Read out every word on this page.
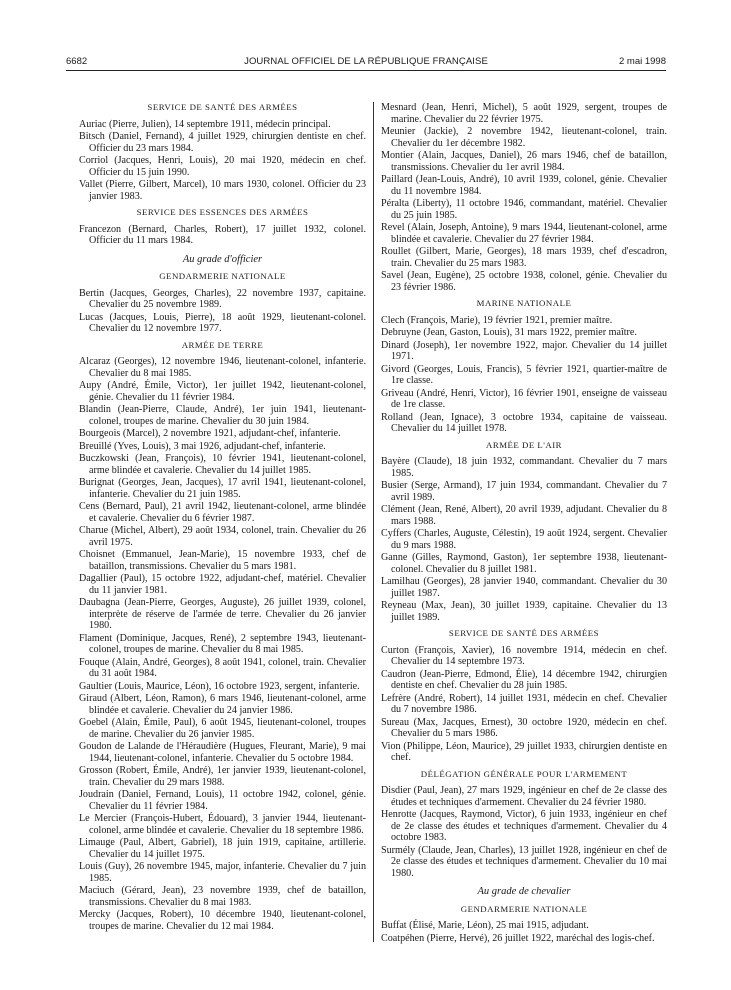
6682	JOURNAL OFFICIEL DE LA RÉPUBLIQUE FRANÇAISE	2 mai 1998
SERVICE DE SANTÉ DES ARMÉES
Auriac (Pierre, Julien), 14 septembre 1911, médecin principal.
Bitsch (Daniel, Fernand), 4 juillet 1929, chirurgien dentiste en chef. Officier du 23 mars 1984.
Corriol (Jacques, Henri, Louis), 20 mai 1920, médecin en chef. Officier du 15 juin 1990.
Vallet (Pierre, Gilbert, Marcel), 10 mars 1930, colonel. Officier du 23 janvier 1983.
SERVICE DES ESSENCES DES ARMÉES
Francezon (Bernard, Charles, Robert), 17 juillet 1932, colonel. Officier du 11 mars 1984.
Au grade d'officier
GENDARMERIE NATIONALE
Bertin (Jacques, Georges, Charles), 22 novembre 1937, capitaine. Chevalier du 25 novembre 1989.
Lucas (Jacques, Louis, Pierre), 18 août 1929, lieutenant-colonel. Chevalier du 12 novembre 1977.
ARMÉE DE TERRE
Alcaraz (Georges), 12 novembre 1946, lieutenant-colonel, infanterie. Chevalier du 8 mai 1985.
Aupy (André, Émile, Victor), 1er juillet 1942, lieutenant-colonel, génie. Chevalier du 11 février 1984.
Blandin (Jean-Pierre, Claude, André), 1er juin 1941, lieutenant-colonel, troupes de marine. Chevalier du 30 juin 1984.
Bourgeois (Marcel), 2 novembre 1921, adjudant-chef, infanterie.
Breuillé (Yves, Louis), 3 mai 1926, adjudant-chef, infanterie.
Buczkowski (Jean, François), 10 février 1941, lieutenant-colonel, arme blindée et cavalerie. Chevalier du 14 juillet 1985.
Burignat (Georges, Jean, Jacques), 17 avril 1941, lieutenant-colonel, infanterie. Chevalier du 21 juin 1985.
Cens (Bernard, Paul), 21 avril 1942, lieutenant-colonel, arme blindée et cavalerie. Chevalier du 6 février 1987.
Charue (Michel, Albert), 29 août 1934, colonel, train. Chevalier du 26 avril 1975.
Choisnet (Emmanuel, Jean-Marie), 15 novembre 1933, chef de bataillon, transmissions. Chevalier du 5 mars 1981.
Dagallier (Paul), 15 octobre 1922, adjudant-chef, matériel. Chevalier du 11 janvier 1981.
Daubagna (Jean-Pierre, Georges, Auguste), 26 juillet 1939, colonel, interprète de réserve de l'armée de terre. Chevalier du 26 janvier 1980.
Flament (Dominique, Jacques, René), 2 septembre 1943, lieutenant-colonel, troupes de marine. Chevalier du 8 mai 1985.
Fouque (Alain, André, Georges), 8 août 1941, colonel, train. Chevalier du 31 août 1984.
Gaultier (Louis, Maurice, Léon), 16 octobre 1923, sergent, infanterie.
Giraud (Albert, Léon, Ramon), 6 mars 1946, lieutenant-colonel, arme blindée et cavalerie. Chevalier du 24 janvier 1986.
Goebel (Alain, Émile, Paul), 6 août 1945, lieutenant-colonel, troupes de marine. Chevalier du 26 janvier 1985.
Goudon de Lalande de l'Héraudière (Hugues, Fleurant, Marie), 9 mai 1944, lieutenant-colonel, infanterie. Chevalier du 5 octobre 1984.
Grosson (Robert, Émile, André), 1er janvier 1939, lieutenant-colonel, train. Chevalier du 29 mars 1988.
Joudrain (Daniel, Fernand, Louis), 11 octobre 1942, colonel, génie. Chevalier du 11 février 1984.
Le Mercier (François-Hubert, Édouard), 3 janvier 1944, lieutenant-colonel, arme blindée et cavalerie. Chevalier du 18 septembre 1986.
Limauge (Paul, Albert, Gabriel), 18 juin 1919, capitaine, artillerie. Chevalier du 14 juillet 1975.
Louis (Guy), 26 novembre 1945, major, infanterie. Chevalier du 7 juin 1985.
Maciuch (Gérard, Jean), 23 novembre 1939, chef de bataillon, transmissions. Chevalier du 8 mai 1983.
Mercky (Jacques, Robert), 10 décembre 1940, lieutenant-colonel, troupes de marine. Chevalier du 12 mai 1984.
Mesnard (Jean, Henri, Michel), 5 août 1929, sergent, troupes de marine. Chevalier du 22 février 1975.
Meunier (Jackie), 2 novembre 1942, lieutenant-colonel, train. Chevalier du 1er décembre 1982.
Montier (Alain, Jacques, Daniel), 26 mars 1946, chef de bataillon, transmissions. Chevalier du 1er avril 1984.
Paillard (Jean-Louis, André), 10 avril 1939, colonel, génie. Chevalier du 11 novembre 1984.
Péralta (Liberty), 11 octobre 1946, commandant, matériel. Chevalier du 25 juin 1985.
Revel (Alain, Joseph, Antoine), 9 mars 1944, lieutenant-colonel, arme blindée et cavalerie. Chevalier du 27 février 1984.
Roullet (Gilbert, Marie, Georges), 18 mars 1939, chef d'escadron, train. Chevalier du 25 mars 1983.
Savel (Jean, Eugène), 25 octobre 1938, colonel, génie. Chevalier du 23 février 1986.
MARINE NATIONALE
Clech (François, Marie), 19 février 1921, premier maître.
Debruyne (Jean, Gaston, Louis), 31 mars 1922, premier maître.
Dinard (Joseph), 1er novembre 1922, major. Chevalier du 14 juillet 1971.
Givord (Georges, Louis, Francis), 5 février 1921, quartier-maître de 1re classe.
Griveau (André, Henri, Victor), 16 février 1901, enseigne de vaisseau de 1re classe.
Rolland (Jean, Ignace), 3 octobre 1934, capitaine de vaisseau. Chevalier du 14 juillet 1978.
ARMÉE DE L'AIR
Bayère (Claude), 18 juin 1932, commandant. Chevalier du 7 mars 1985.
Busier (Serge, Armand), 17 juin 1934, commandant. Chevalier du 7 avril 1989.
Clément (Jean, René, Albert), 20 avril 1939, adjudant. Chevalier du 8 mars 1988.
Cyffers (Charles, Auguste, Célestin), 19 août 1924, sergent. Chevalier du 9 mars 1988.
Ganne (Gilles, Raymond, Gaston), 1er septembre 1938, lieutenant-colonel. Chevalier du 8 juillet 1981.
Lamilhau (Georges), 28 janvier 1940, commandant. Chevalier du 30 juillet 1987.
Reyneau (Max, Jean), 30 juillet 1939, capitaine. Chevalier du 13 juillet 1989.
SERVICE DE SANTÉ DES ARMÉES
Curton (François, Xavier), 16 novembre 1914, médecin en chef. Chevalier du 14 septembre 1973.
Caudron (Jean-Pierre, Edmond, Élie), 14 décembre 1942, chirurgien dentiste en chef. Chevalier du 28 juin 1985.
Lefrère (André, Robert), 14 juillet 1931, médecin en chef. Chevalier du 7 novembre 1986.
Sureau (Max, Jacques, Ernest), 30 octobre 1920, médecin en chef. Chevalier du 5 mars 1986.
Vion (Philippe, Léon, Maurice), 29 juillet 1933, chirurgien dentiste en chef.
DÉLÉGATION GÉNÉRALE POUR L'ARMEMENT
Disdier (Paul, Jean), 27 mars 1929, ingénieur en chef de 2e classe des études et techniques d'armement. Chevalier du 24 février 1980.
Henrotte (Jacques, Raymond, Victor), 6 juin 1933, ingénieur en chef de 2e classe des études et techniques d'armement. Chevalier du 4 octobre 1983.
Surmély (Claude, Jean, Charles), 13 juillet 1928, ingénieur en chef de 2e classe des études et techniques d'armement. Chevalier du 10 mai 1980.
Au grade de chevalier
GENDARMERIE NATIONALE
Buffat (Élisé, Marie, Léon), 25 mai 1915, adjudant.
Coatpéhen (Pierre, Hervé), 26 juillet 1922, maréchal des logis-chef.
